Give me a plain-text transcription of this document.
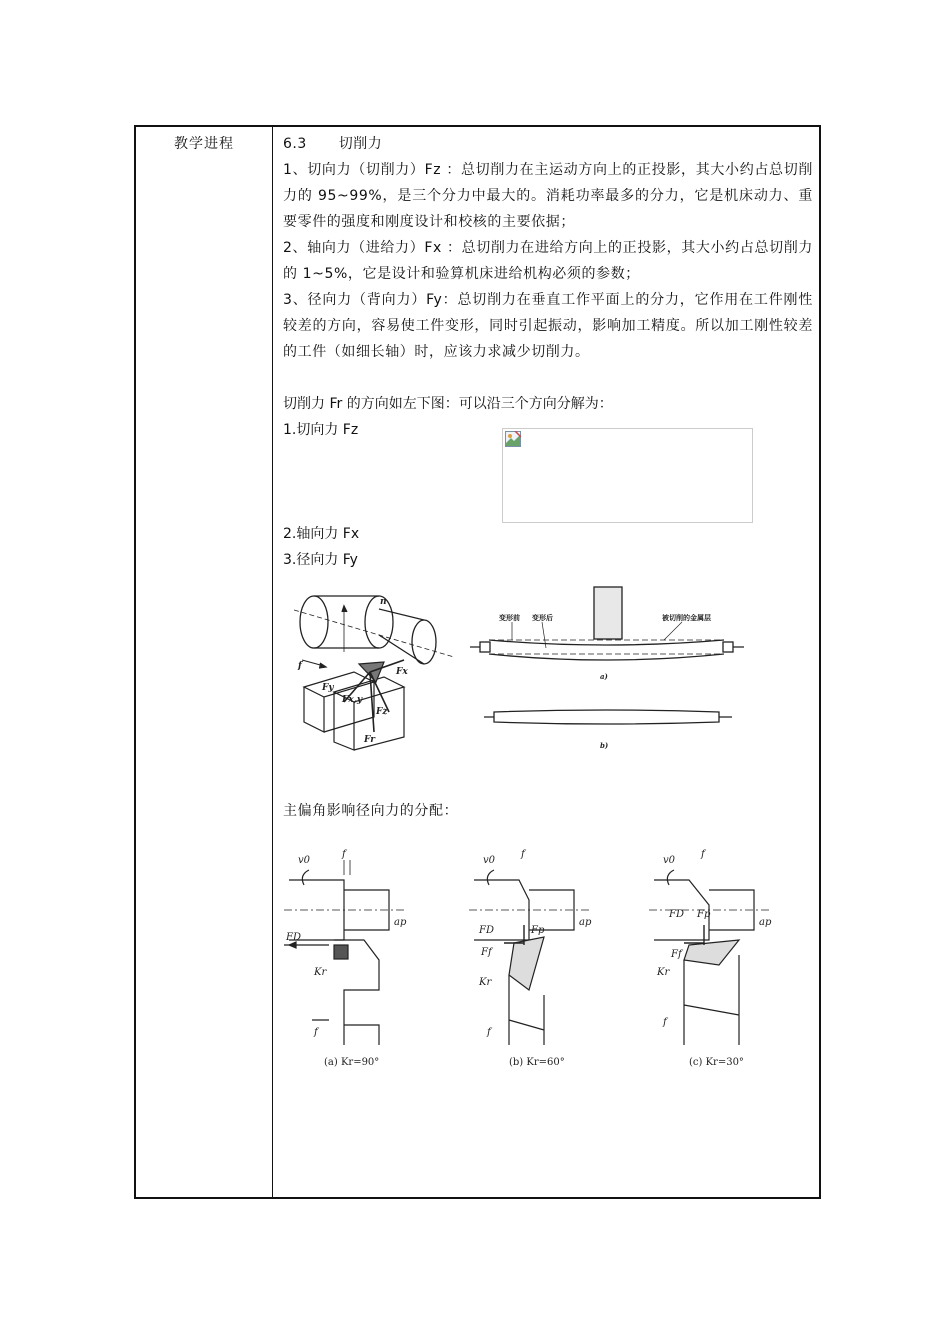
教学进程	6.3 切削力

1、切向力（切削力）Fz ：总切削力在主运动方向上的正投影，其大小约占总切削力的 95~99%，是三个分力中最大的。消耗功率最多的分力，它是机床动力、重要零件的强度和刚度设计和校核的主要依据；

2、轴向力（进给力）Fx ：总切削力在进给方向上的正投影，其大小约占总切削力的 1~5%，它是设计和验算机床进给机构必须的参数；

3、径向力（背向力）Fy：总切削力在垂直工作平面上的分力，它作用在工件刚性较差的方向，容易使工件变形，同时引起振动，影响加工精度。所以加工刚性较差的工件（如细长轴）时，应该力求减少切削力。

切削力 Fr 的方向如左下图：可以沿三个方向分解为：

1.切向力 Fz

2.轴向力 Fx

3.径向力 Fy

n
f
Fx
Fy
Fx,y
Fz
Fr
变形前 变形后	被切削的金属层
a)
b)
主偏角影响径向力的分配：
v0
f
ap
FD
Kr
f
(a) Kr=90°
v0
f
ap
FD	Fp
Ff
Kr
f
(b) Kr=60°
v0
f
ap
FD Fp
Ff
Kr
f
(c) Kr=30°
